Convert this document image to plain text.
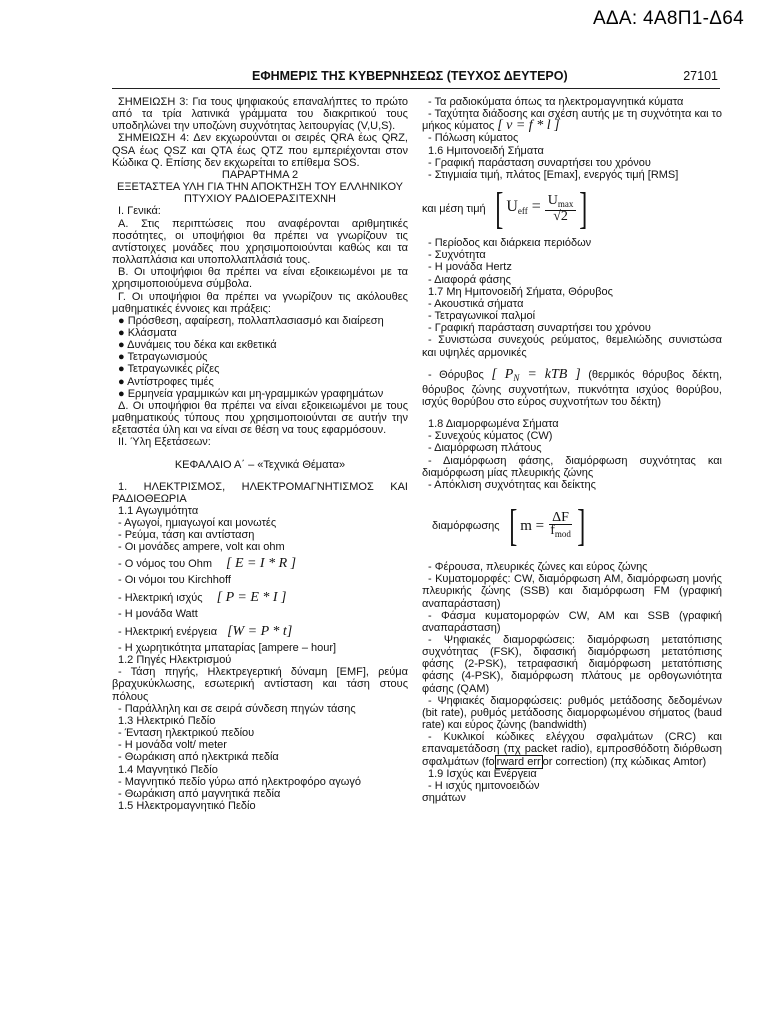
ΑΔΑ: 4Α8Π1-Δ64
ΕΦΗΜΕΡΙΣ ΤΗΣ ΚΥΒΕΡΝΗΣΕΩΣ (ΤΕΥΧΟΣ ΔΕΥΤΕΡΟ)	27101

ΣΗΜΕΙΩΣΗ 3: Για τους ψηφιακούς επαναλήπτες το πρώτο από τα τρία λατινικά γράμματα του διακριτικού τους υποδηλώνει την υποζώνη συχνότητας λειτουργίας (V,U,S).

ΣΗΜΕΙΩΣΗ 4: Δεν εκχωρούνται οι σειρές QRA έως QRZ, QSA έως QSZ και QTA έως QTZ που εμπεριέχονται στον Κώδικα Q. Επίσης δεν εκχωρείται το επίθεμα SOS.

ΠΑΡΑΡΤΗΜΑ 2
ΕΞΕΤΑΣΤΕΑ ΥΛΗ ΓΙΑ ΤΗΝ ΑΠΟΚΤΗΣΗ ΤΟΥ ΕΛΛΗΝΙΚΟΥ
ΠΤΥΧΙΟΥ ΡΑΔΙΟΕΡΑΣΙΤΕΧΝΗ
Ι. Γενικά:

Α. Στις περιπτώσεις που αναφέρονται αριθμητικές ποσότητες, οι υποψήφιοι θα πρέπει να γνωρίζουν τις αντίστοιχες μονάδες που χρησιμοποιούνται καθώς και τα πολλαπλάσια και υποπολλαπλάσιά τους.

Β. Οι υποψήφιοι θα πρέπει να είναι εξοικειωμένοι με τα χρησιμοποιούμενα σύμβολα.

Γ. Οι υποψήφιοι θα πρέπει να γνωρίζουν τις ακόλουθες μαθηματικές έννοιες και πράξεις:

● Πρόσθεση, αφαίρεση, πολλαπλασιασμό και διαίρεση
● Κλάσματα
● Δυνάμεις του δέκα και εκθετικά
● Τετραγωνισμούς
● Τετραγωνικές ρίζες
● Αντίστροφες τιμές
● Ερμηνεία γραμμικών και μη-γραμμικών γραφημάτων

Δ. Οι υποψήφιοι θα πρέπει να είναι εξοικειωμένοι με τους μαθηματικούς τύπους που χρησιμοποιούνται σε αυτήν την εξεταστέα ύλη και να είναι σε θέση να τους εφαρμόσουν.

ΙΙ. Ύλη Εξετάσεων:
ΚΕΦΑΛΑΙΟ Α΄ – «Τεχνικά Θέματα»

1. ΗΛΕΚΤΡΙΣΜΟΣ, ΗΛΕΚΤΡΟΜΑΓΝΗΤΙΣΜΟΣ ΚΑΙ ΡΑΔΙΟΘΕΩΡΙΑ

1.1 Αγωγιμότητα
- Αγωγοί, ημιαγωγοί και μονωτές
- Ρεύμα, τάση και αντίσταση
- Οι μονάδες ampere, volt και ohm
- Ο νόμος του Ohm	[ E = I * R ]
- Οι νόμοι του Kirchhoff
- Ηλεκτρική ισχύς	[ P = E * I ]
- Η μονάδα Watt
- Ηλεκτρική ενέργεια [W = P * t]
- Η χωρητικότητα μπαταρίας [ampere – hour]
1.2 Πηγές Ηλεκτρισμού

- Τάση πηγής, Ηλεκτρεγερτική δύναμη [EMF], ρεύμα βραχυκύκλωσης, εσωτερική αντίσταση και τάση στους πόλους

- Παράλληλη και σε σειρά σύνδεση πηγών τάσης
1.3 Ηλεκτρικό Πεδίο
- Ένταση ηλεκτρικού πεδίου
- Η μονάδα volt/ meter
- Θωράκιση από ηλεκτρικά πεδία
1.4 Μαγνητικό Πεδίο
- Μαγνητικό πεδίο γύρω από ηλεκτροφόρο αγωγό
- Θωράκιση από μαγνητικά πεδία
1.5 Ηλεκτρομαγνητικό Πεδίο

- Τα ραδιοκύματα όπως τα ηλεκτρομαγνητικά κύματα

- Ταχύτητα διάδοσης και σχέση αυτής με τη συχνότητα και το μήκος κύματος [ v = f * l ]

- Πόλωση κύματος
1.6 Ημιτονοειδή Σήματα
- Γραφική παράσταση συναρτήσει του χρόνου
- Στιγμιαία τιμή, πλάτος [Emax], ενεργός τιμή [RMS]
και μέση τιμή [ $U_{eff} = \frac{U_{max}}{√2}$ ]
- Περίοδος και διάρκεια περιόδων
- Συχνότητα
- Η μονάδα Hertz
- Διαφορά φάσης
1.7 Μη Ημιτονοειδή Σήματα, Θόρυβος
- Ακουστικά σήματα
- Τετραγωνικοί παλμοί
- Γραφική παράσταση συναρτήσει του χρόνου

- Συνιστώσα συνεχούς ρεύματος, θεμελιώδης συνιστώσα και υψηλές αρμονικές

- Θόρυβος [ $P_N$ = kTB ] (θερμικός θόρυβος δέκτη, θόρυβος ζώνης συχνοτήτων, πυκνότητα ισχύος θορύβου, ισχύς θορύβου στο εύρος συχνοτήτων του δέκτη)

1.8 Διαμορφωμένα Σήματα
- Συνεχούς κύματος (CW)
- Διαμόρφωση πλάτους

- Διαμόρφωση φάσης, διαμόρφωση συχνότητας και διαμόρφωση μίας πλευρικής ζώνης

- Απόκλιση συχνότητας και δείκτης
διαμόρφωσης [ m =
$\frac{\Delta F}{f_{mod}}$ ]
- Φέρουσα, πλευρικές ζώνες και εύρος ζώνης

- Κυματομορφές: CW, διαμόρφωση AM, διαμόρφωση μονής πλευρικής ζώνης (SSB) και διαμόρφωση FM (γραφική αναπαράσταση)

- Φάσμα κυματομορφών CW, AM και SSB (γραφική αναπαράσταση)

- Ψηφιακές διαμορφώσεις: διαμόρφωση μετατόπισης συχνότητας (FSK), διφασική διαμόρφωση μετατόπισης φάσης (2-PSK), τετραφασική διαμόρφωση μετατόπισης φάσης (4-PSK), διαμόρφωση πλάτους με ορθογωνιότητα φάσης (QAM)

- Ψηφιακές διαμορφώσεις: ρυθμός μετάδοσης δεδομένων (bit rate), ρυθμός μετάδοσης διαμορφωμένου σήματος (baud rate) και εύρος ζώνης (bandwidth)

- Κυκλικοί κώδικες ελέγχου σφαλμάτων (CRC) και επαναμετάδοση (πχ packet radio), εμπροσθόδοτη διόρθωση σφαλμάτων (fo rward err or correction) (πχ κώδικας Amtor)

1.9 Ισχύς και Ενέργεια
- Η ισχύς ημιτονοειδών
σημάτων
